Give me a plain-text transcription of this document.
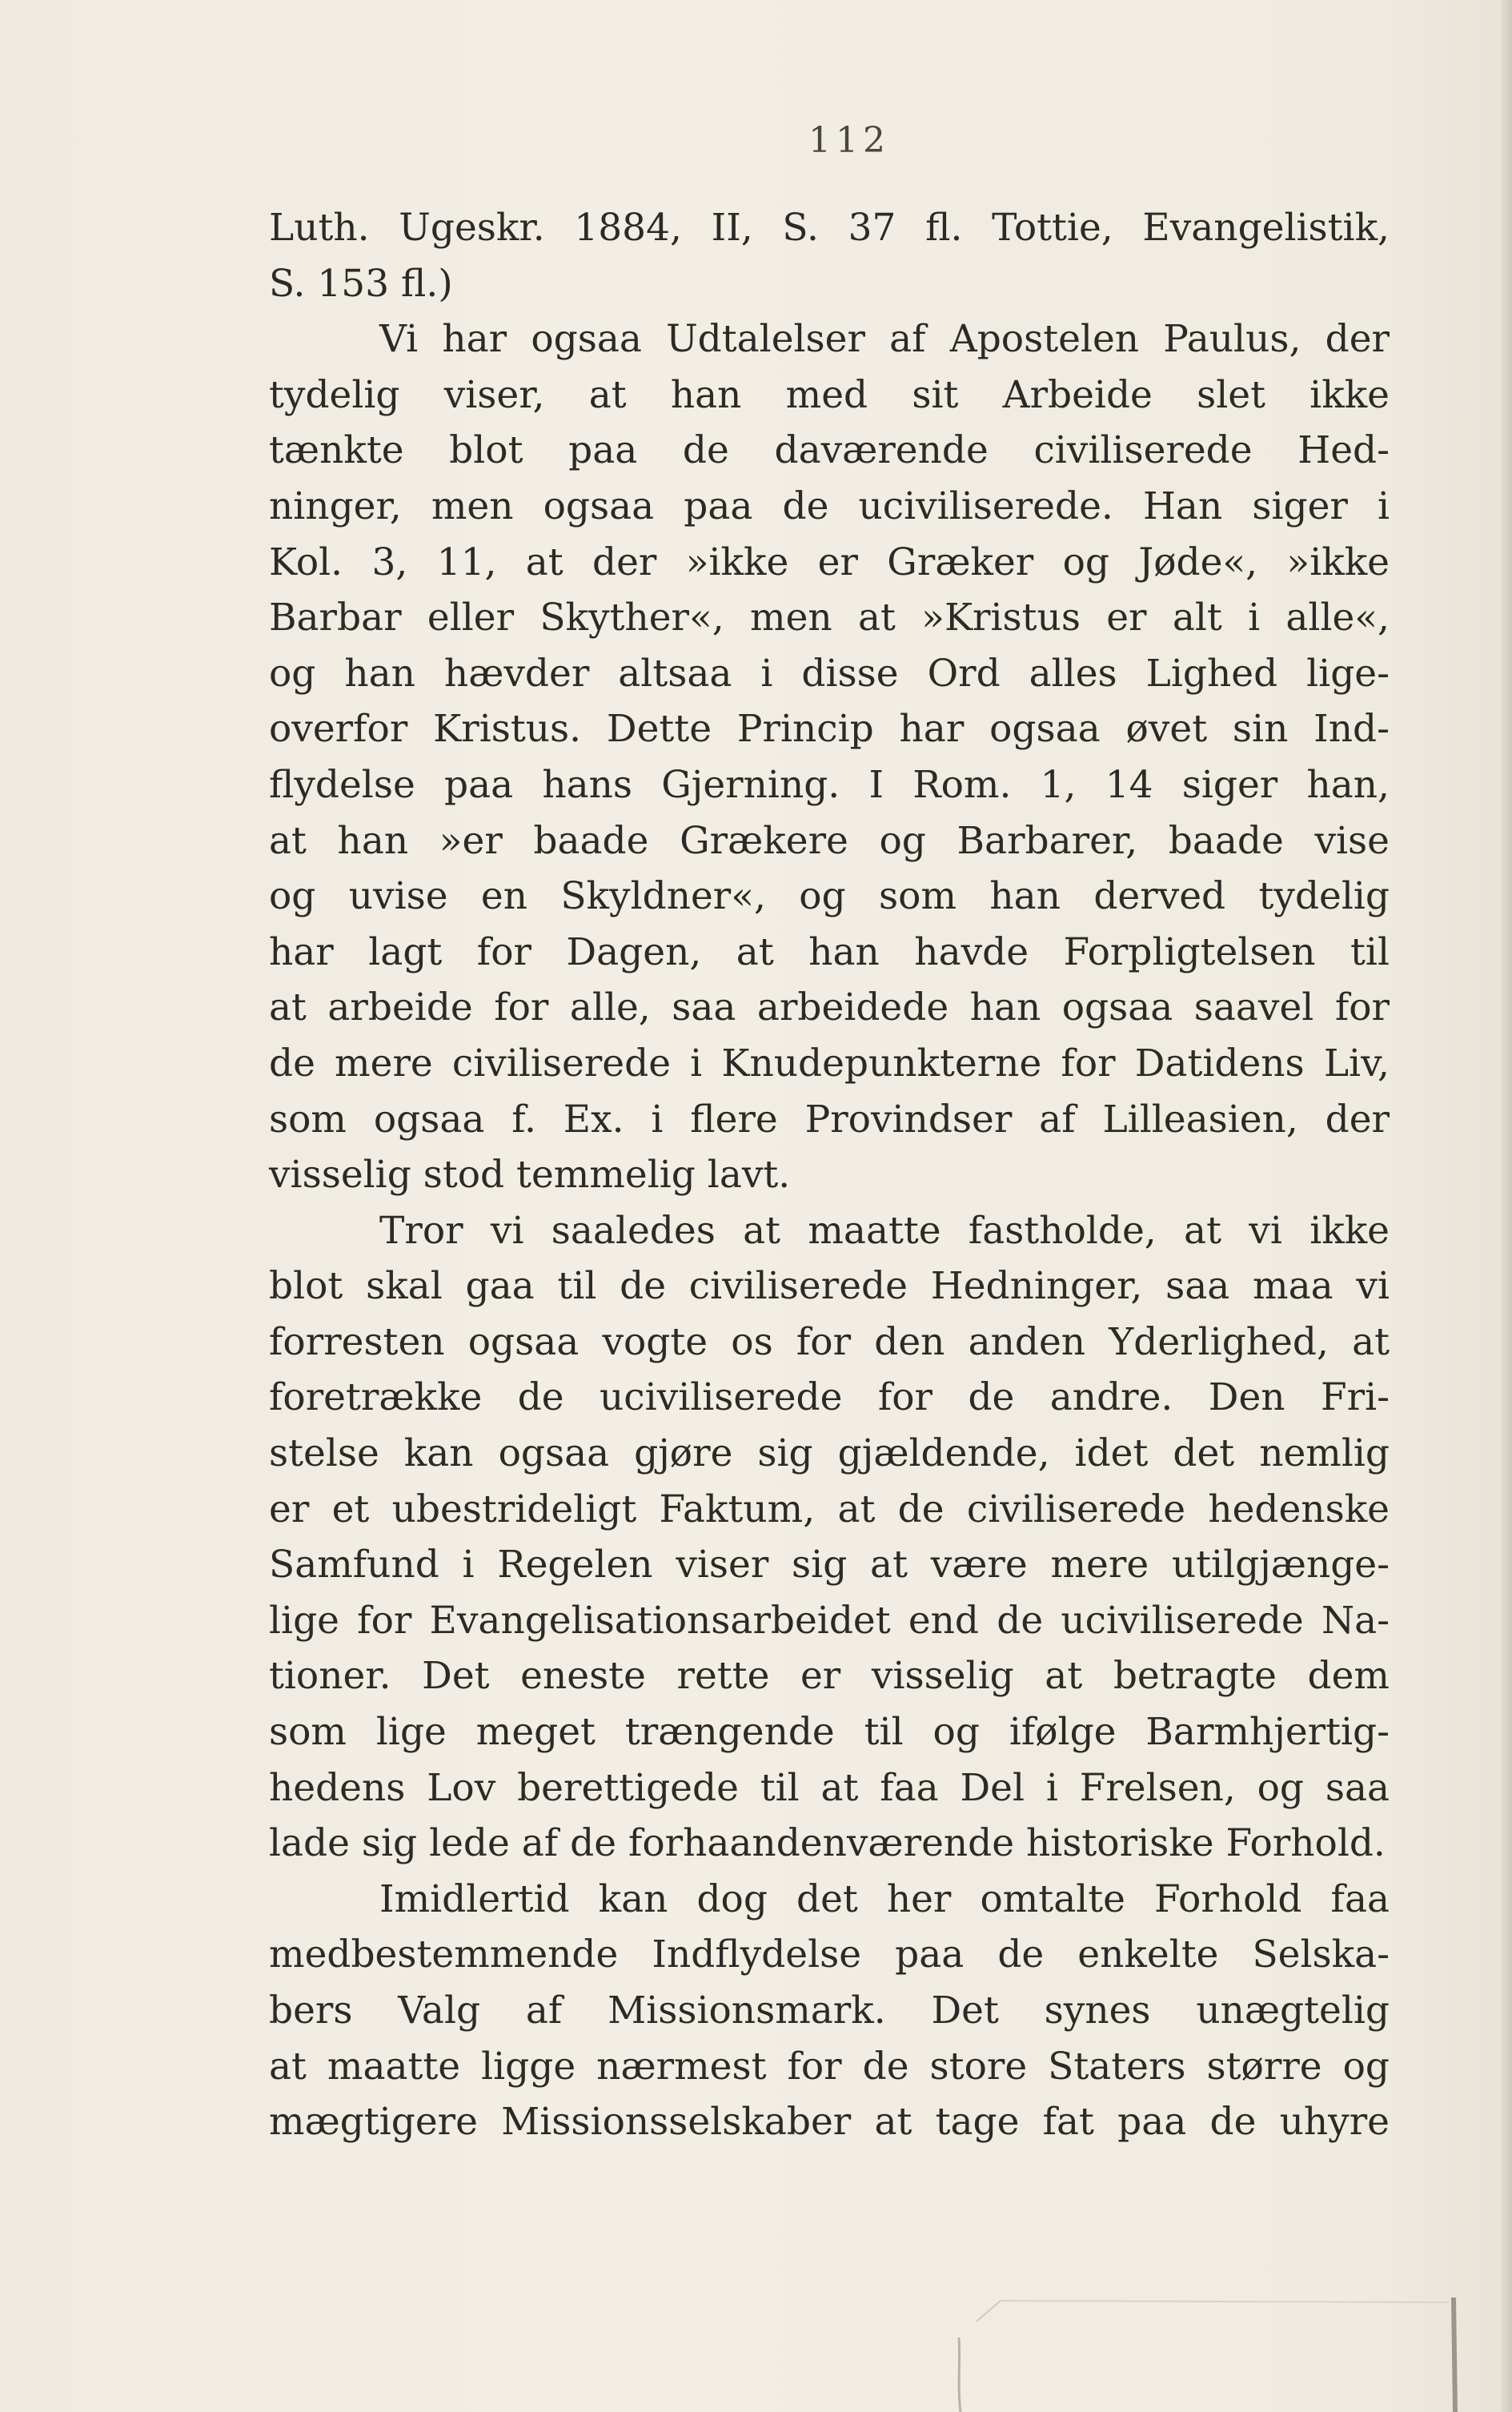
112
Luth. Ugeskr. 1884, II, S. 37 fl. Tottie, Evangelistik,
S. 153 fl.)
Vi har ogsaa Udtalelser af Apostelen Paulus, der
tydelig viser, at han med sit Arbeide slet ikke
tænkte blot paa de daværende civiliserede Hed-
ninger, men ogsaa paa de uciviliserede. Han siger i
Kol. 3, 11, at der »ikke er Græker og Jøde«, »ikke
Barbar eller Skyther«, men at »Kristus er alt i alle«,
og han hævder altsaa i disse Ord alles Lighed lige-
overfor Kristus. Dette Princip har ogsaa øvet sin Ind-
flydelse paa hans Gjerning. I Rom. 1, 14 siger han,
at han »er baade Grækere og Barbarer, baade vise
og uvise en Skyldner«, og som han derved tydelig
har lagt for Dagen, at han havde Forpligtelsen til
at arbeide for alle, saa arbeidede han ogsaa saavel for
de mere civiliserede i Knudepunkterne for Datidens Liv,
som ogsaa f. Ex. i flere Provindser af Lilleasien, der
visselig stod temmelig lavt.
Tror vi saaledes at maatte fastholde, at vi ikke
blot skal gaa til de civiliserede Hedninger, saa maa vi
forresten ogsaa vogte os for den anden Yderlighed, at
foretrække de uciviliserede for de andre. Den Fri-
stelse kan ogsaa gjøre sig gjældende, idet det nemlig
er et ubestrideligt Faktum, at de civiliserede hedenske
Samfund i Regelen viser sig at være mere utilgjænge-
lige for Evangelisationsarbeidet end de uciviliserede Na-
tioner. Det eneste rette er visselig at betragte dem
som lige meget trængende til og ifølge Barmhjertig-
hedens Lov berettigede til at faa Del i Frelsen, og saa
lade sig lede af de forhaandenværende historiske Forhold.
Imidlertid kan dog det her omtalte Forhold faa
medbestemmende Indflydelse paa de enkelte Selska-
bers Valg af Missionsmark. Det synes unægtelig
at maatte ligge nærmest for de store Staters større og
mægtigere Missionsselskaber at tage fat paa de uhyre
